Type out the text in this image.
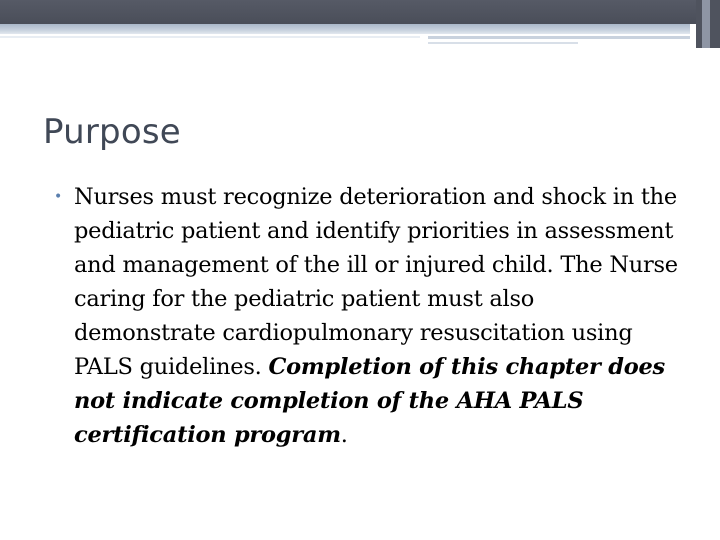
Purpose
• Nurses must recognize deterioration and shock in the pediatric patient and identify priorities in assessment and management of the ill or injured child. The Nurse caring for the pediatric patient must also demonstrate cardiopulmonary resuscitation using PALS guidelines. Completion of this chapter does not indicate completion of the AHA PALS certification program.
